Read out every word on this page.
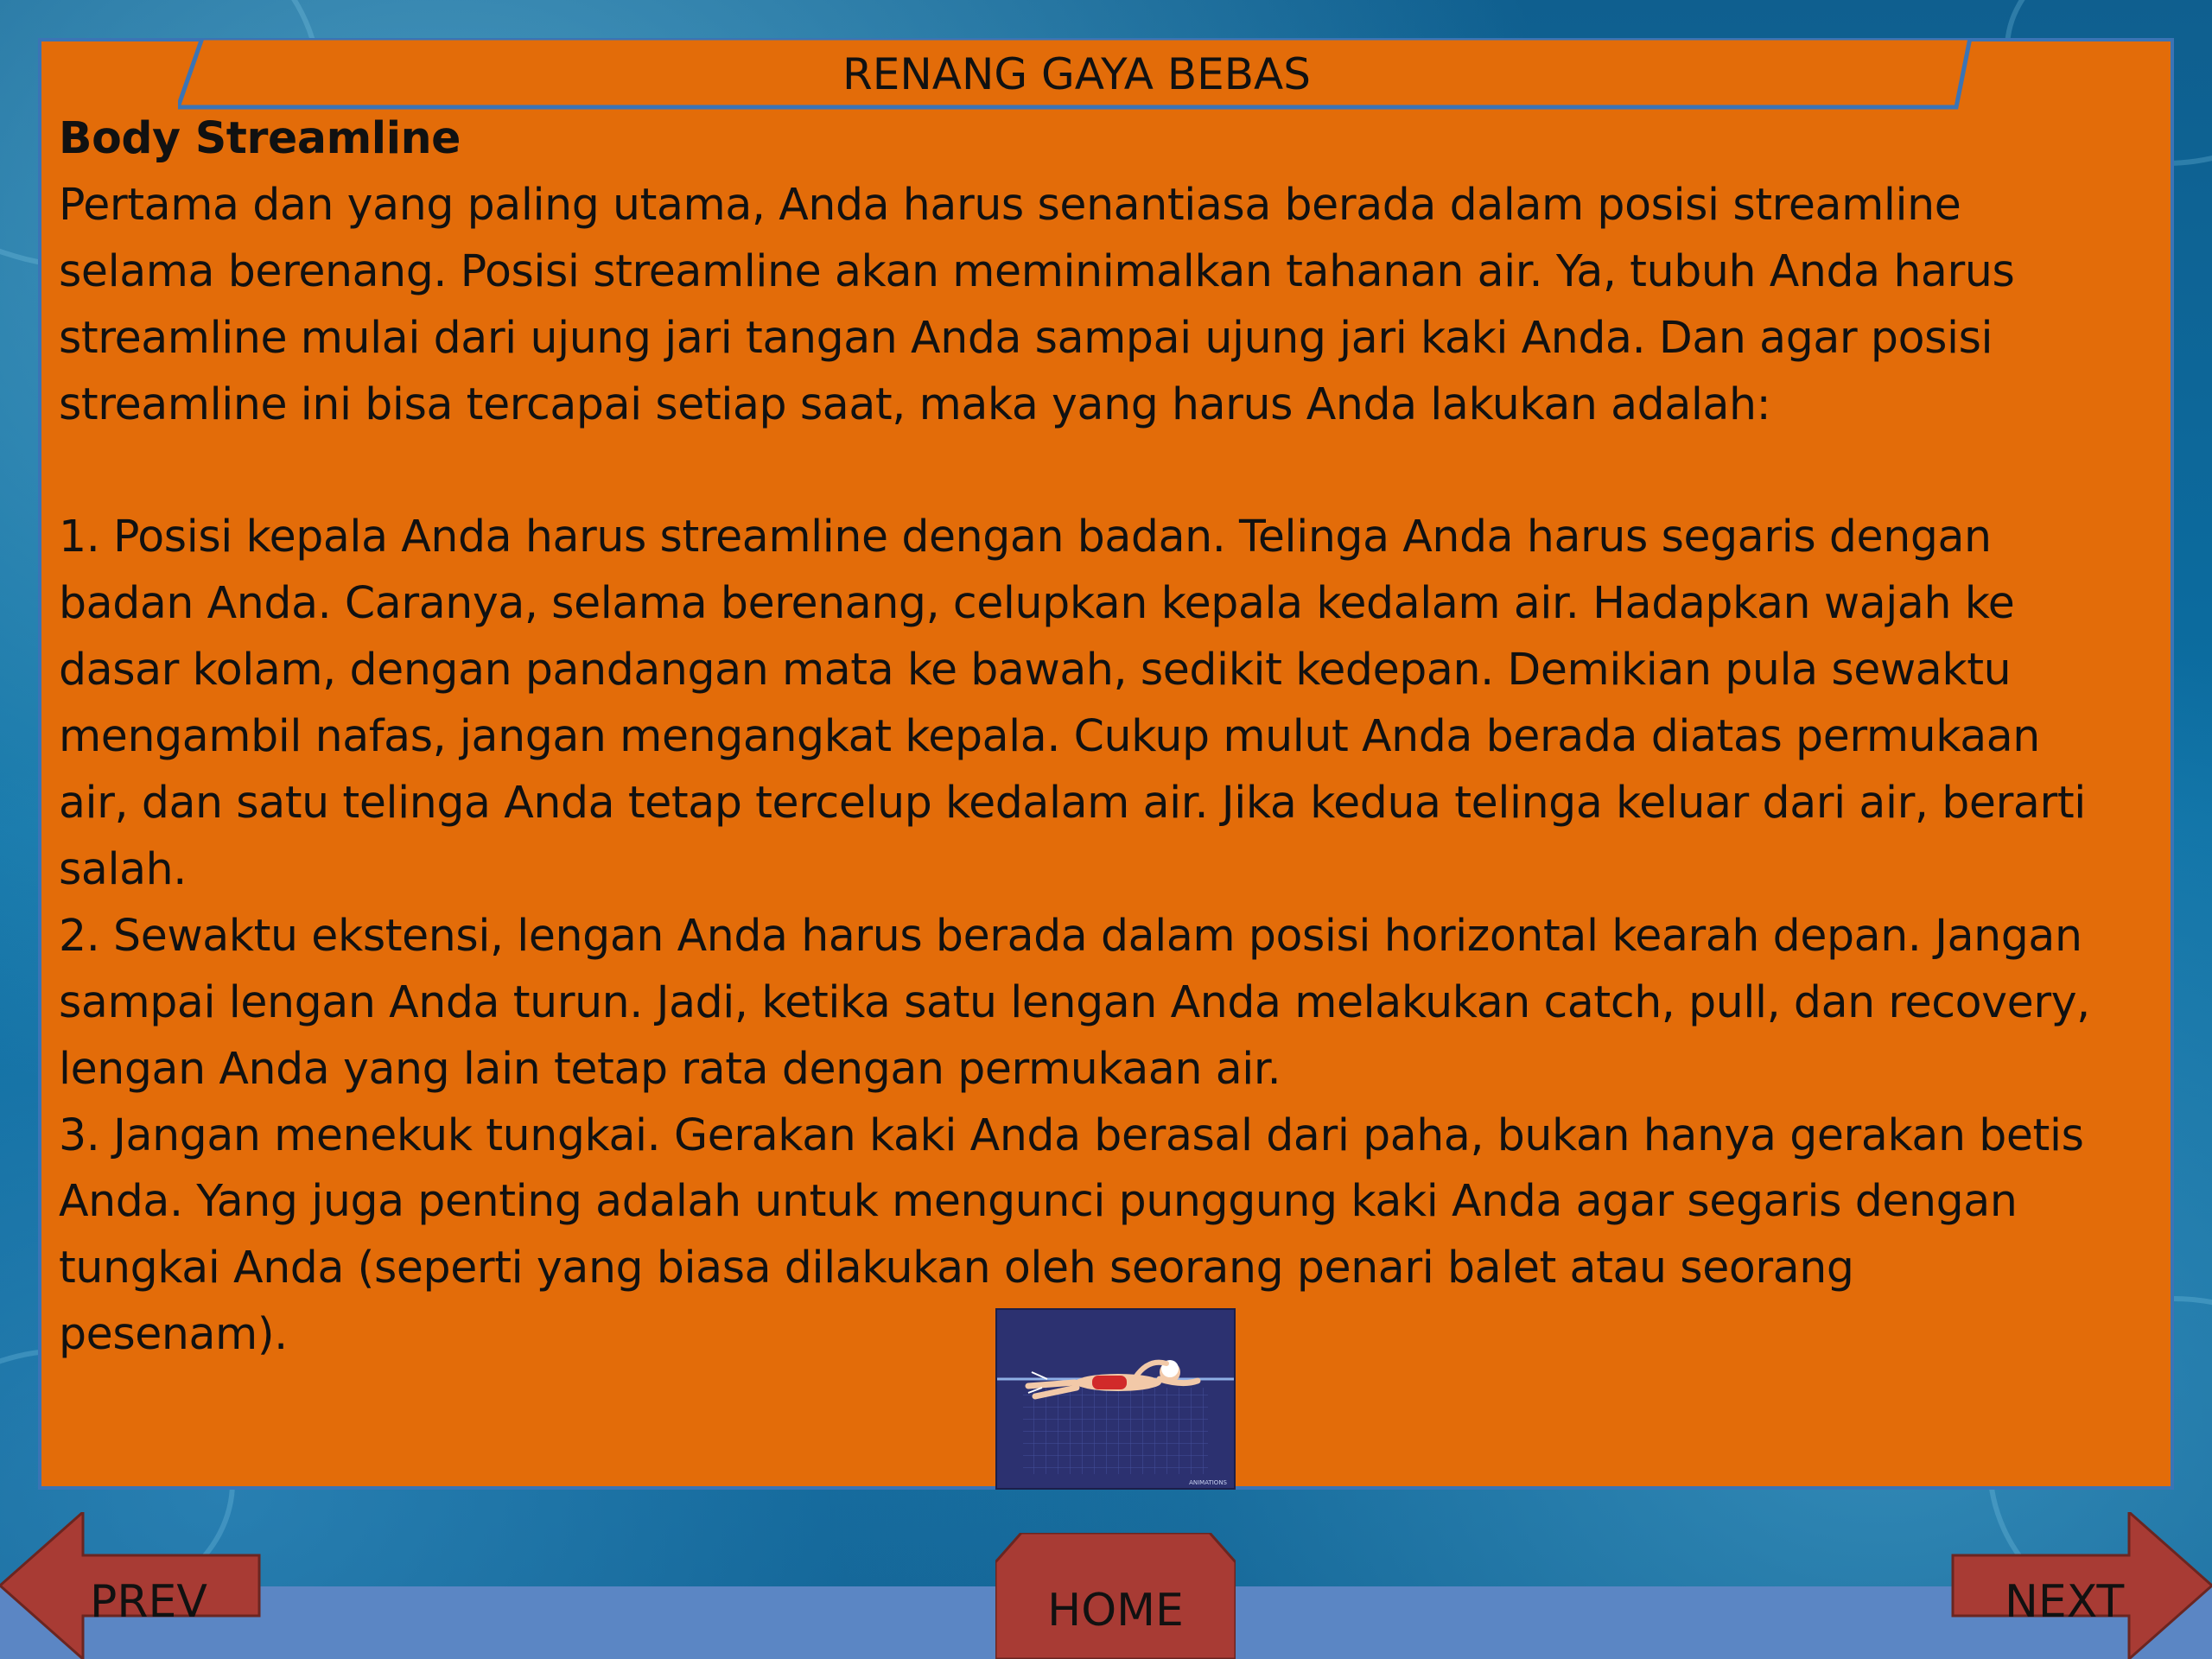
RENANG GAYA BEBAS

Body Streamline

Pertama dan yang paling utama, Anda harus senantiasa berada dalam posisi streamline

selama berenang. Posisi streamline akan meminimalkan tahanan air. Ya, tubuh Anda harus

streamline mulai dari ujung jari tangan Anda sampai ujung jari kaki Anda. Dan agar posisi

streamline ini bisa tercapai setiap saat, maka yang harus Anda lakukan adalah:

1. Posisi kepala Anda harus streamline dengan badan. Telinga Anda harus segaris dengan

badan Anda. Caranya, selama berenang, celupkan kepala kedalam air. Hadapkan wajah ke

dasar kolam, dengan pandangan mata ke bawah, sedikit kedepan. Demikian pula sewaktu

mengambil nafas, jangan mengangkat kepala. Cukup mulut Anda berada diatas permukaan

air, dan satu telinga Anda tetap tercelup kedalam air. Jika kedua telinga keluar dari air, berarti

salah.

2. Sewaktu ekstensi, lengan Anda harus berada dalam posisi horizontal kearah depan. Jangan

sampai lengan Anda turun. Jadi, ketika satu lengan Anda melakukan catch, pull, dan recovery,

lengan Anda yang lain tetap rata dengan permukaan air.

3. Jangan menekuk tungkai. Gerakan kaki Anda berasal dari paha, bukan hanya gerakan betis

Anda. Yang juga penting adalah untuk mengunci punggung kaki Anda agar segaris dengan

tungkai Anda (seperti yang biasa dilakukan oleh seorang penari balet atau seorang

pesenam).

ANIMATIONS
PREV	HOME	NEXT
